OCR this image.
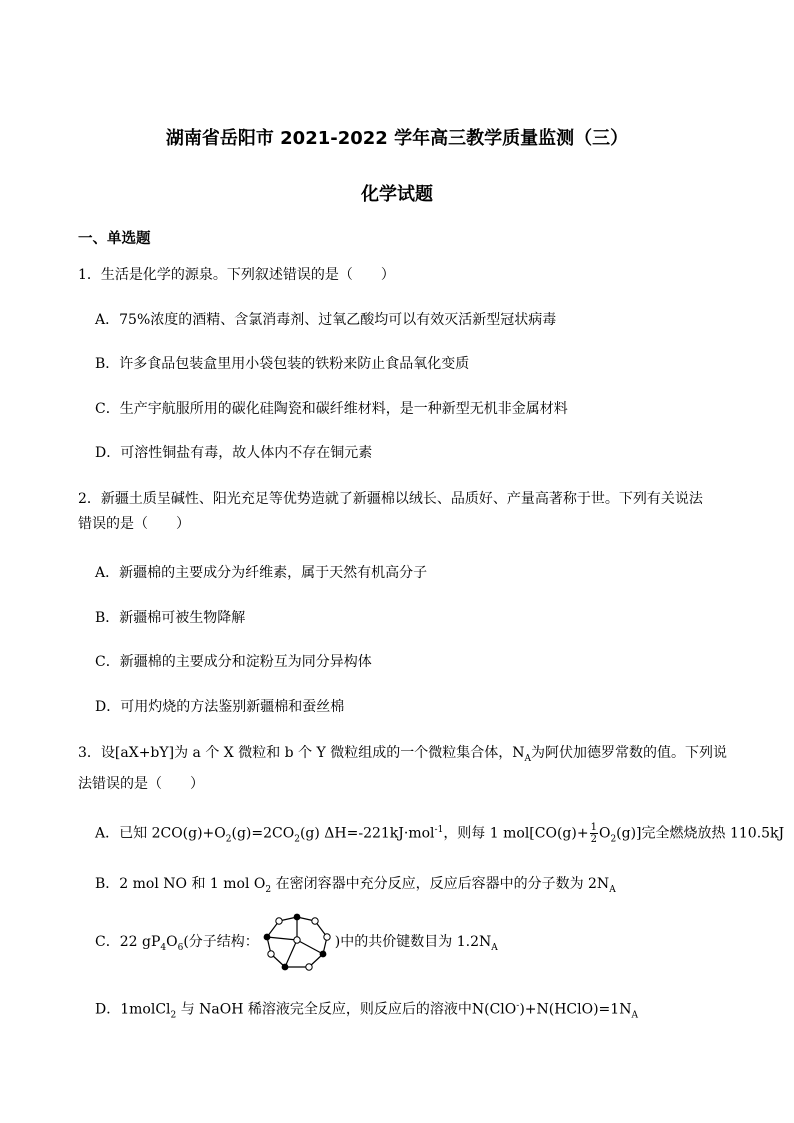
湖南省岳阳市 2021-2022 学年高三教学质量监测（三）
化学试题
一、单选题
1．生活是化学的源泉。下列叙述错误的是（　　）
A．75%浓度的酒精、含氯消毒剂、过氧乙酸均可以有效灭活新型冠状病毒
B．许多食品包装盒里用小袋包装的铁粉来防止食品氧化变质
C．生产宇航服所用的碳化硅陶瓷和碳纤维材料，是一种新型无机非金属材料
D．可溶性铜盐有毒，故人体内不存在铜元素
2．新疆土质呈碱性、阳光充足等优势造就了新疆棉以绒长、品质好、产量高著称于世。下列有关说法
错误的是（　　）
A．新疆棉的主要成分为纤维素，属于天然有机高分子
B．新疆棉可被生物降解
C．新疆棉的主要成分和淀粉互为同分异构体
D．可用灼烧的方法鉴别新疆棉和蚕丝棉
3．设[aX+bY]为 a 个 X 微粒和 b 个 Y 微粒组成的一个微粒集合体，$N_A$为阿伏加德罗常数的值。下列说
法错误的是（　　）
A．已知 $2CO(g)+O_2(g)=2CO_2(g)$ ΔH=-221kJ·mol$^{-1}$，则每 1 $mol[CO(g)+ \frac{1}{2} O_2(g)]$完全燃烧放热 110.5kJ
B．2 mol NO 和 1 mol $O_2$ 在密闭容器中充分反应，反应后容器中的分子数为 $2N_A$
C．22 $gP_4O_6$(分子结构：	)中的共价键数目为 $1.2N_A$
D．1molCl$_2$ 与 NaOH 稀溶液完全反应，则反应后的溶液中$N(ClO^-)+N(HClO)=1N_A$
